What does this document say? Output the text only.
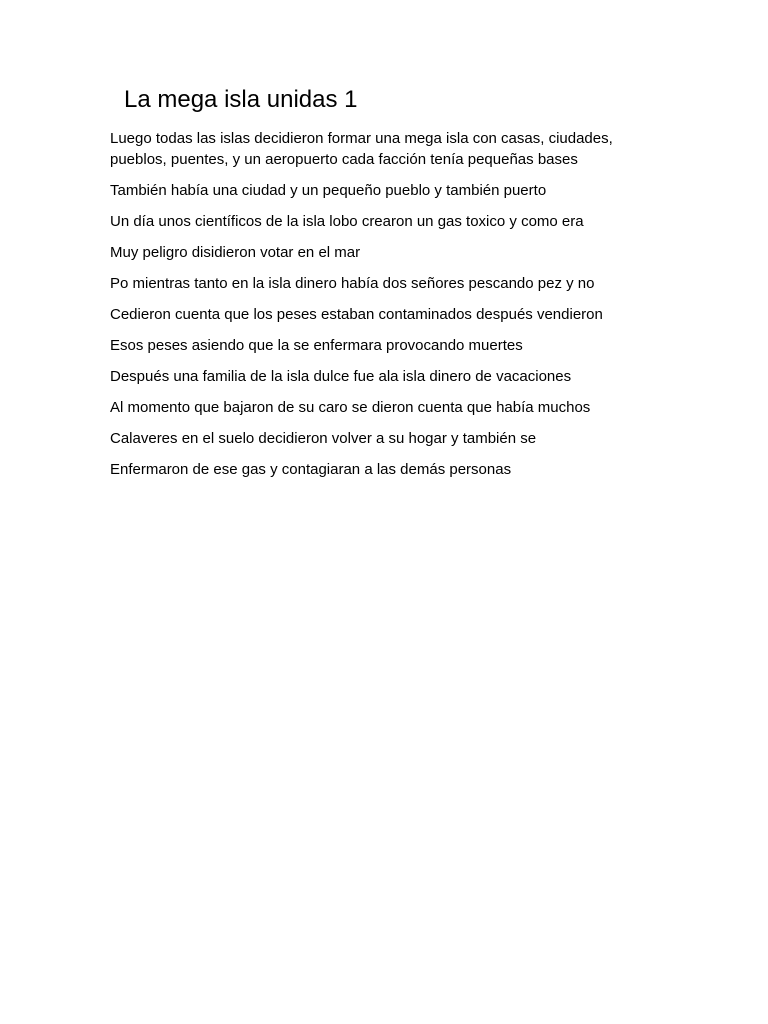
La mega isla unidas 1

Luego todas las islas decidieron formar una mega isla con casas, ciudades, pueblos, puentes, y un aeropuerto cada facción tenía pequeñas bases

También había una ciudad y un pequeño pueblo y también puerto

Un día unos científicos de la isla lobo crearon un gas toxico y como era

Muy peligro disidieron votar en el mar

Po mientras tanto en la isla dinero había dos señores pescando pez y no

Cedieron cuenta que los peses estaban contaminados después vendieron

Esos peses asiendo que la se enfermara provocando muertes

Después una familia de la isla dulce fue ala isla dinero de vacaciones

Al momento que bajaron de su caro se dieron cuenta que había muchos

Calaveres en el suelo decidieron volver a su hogar y también se

Enfermaron de ese gas y contagiaran a las demás personas
